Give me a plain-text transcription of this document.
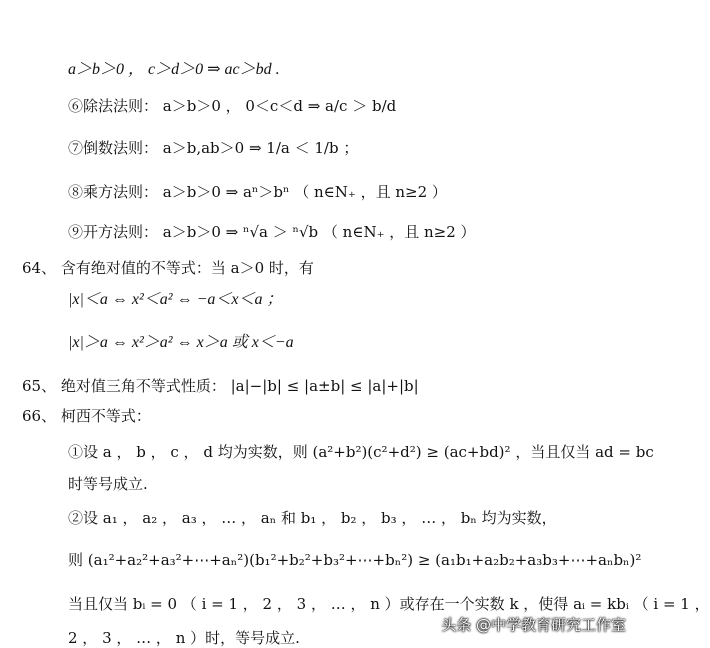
a＞b＞0 ， c＞d＞0 ⇒ ac＞bd .
⑥除法法则： a＞b＞0 ， 0＜c＜d ⇒ a/c ＞ b/d
⑦倒数法则： a＞b,ab＞0 ⇒ 1/a ＜ 1/b ；
⑧乘方法则： a＞b＞0 ⇒ aⁿ＞bⁿ （ n∈N₊ ，且 n≥2 ）
⑨开方法则： a＞b＞0 ⇒ ⁿ√a ＞ ⁿ√b （ n∈N₊ ，且 n≥2 ）
64、 含有绝对值的不等式：当 a＞0 时，有
|x|＜a ⇔ x²＜a² ⇔ −a＜x＜a ；
|x|＞a ⇔ x²＞a² ⇔ x＞a 或 x＜−a
65、 绝对值三角不等式性质： |a|−|b| ≤ |a±b| ≤ |a|+|b|
66、 柯西不等式：
①设 a ， b ， c ， d 均为实数，则 (a²+b²)(c²+d²) ≥ (ac+bd)² ，当且仅当 ad = bc
时等号成立.
②设 a₁ ， a₂ ， a₃ ， … ， aₙ 和 b₁ ， b₂ ， b₃ ， … ， bₙ 均为实数，
则 (a₁²+a₂²+a₃²+⋯+aₙ²)(b₁²+b₂²+b₃²+⋯+bₙ²) ≥ (a₁b₁+a₂b₂+a₃b₃+⋯+aₙbₙ)²
当且仅当 bᵢ = 0 （ i = 1 ， 2 ， 3 ， … ， n ）或存在一个实数 k ，使得 aᵢ = kbᵢ （ i = 1 ，
2 ， 3 ， … ， n ）时，等号成立.
头条 @中学教育研究工作室
